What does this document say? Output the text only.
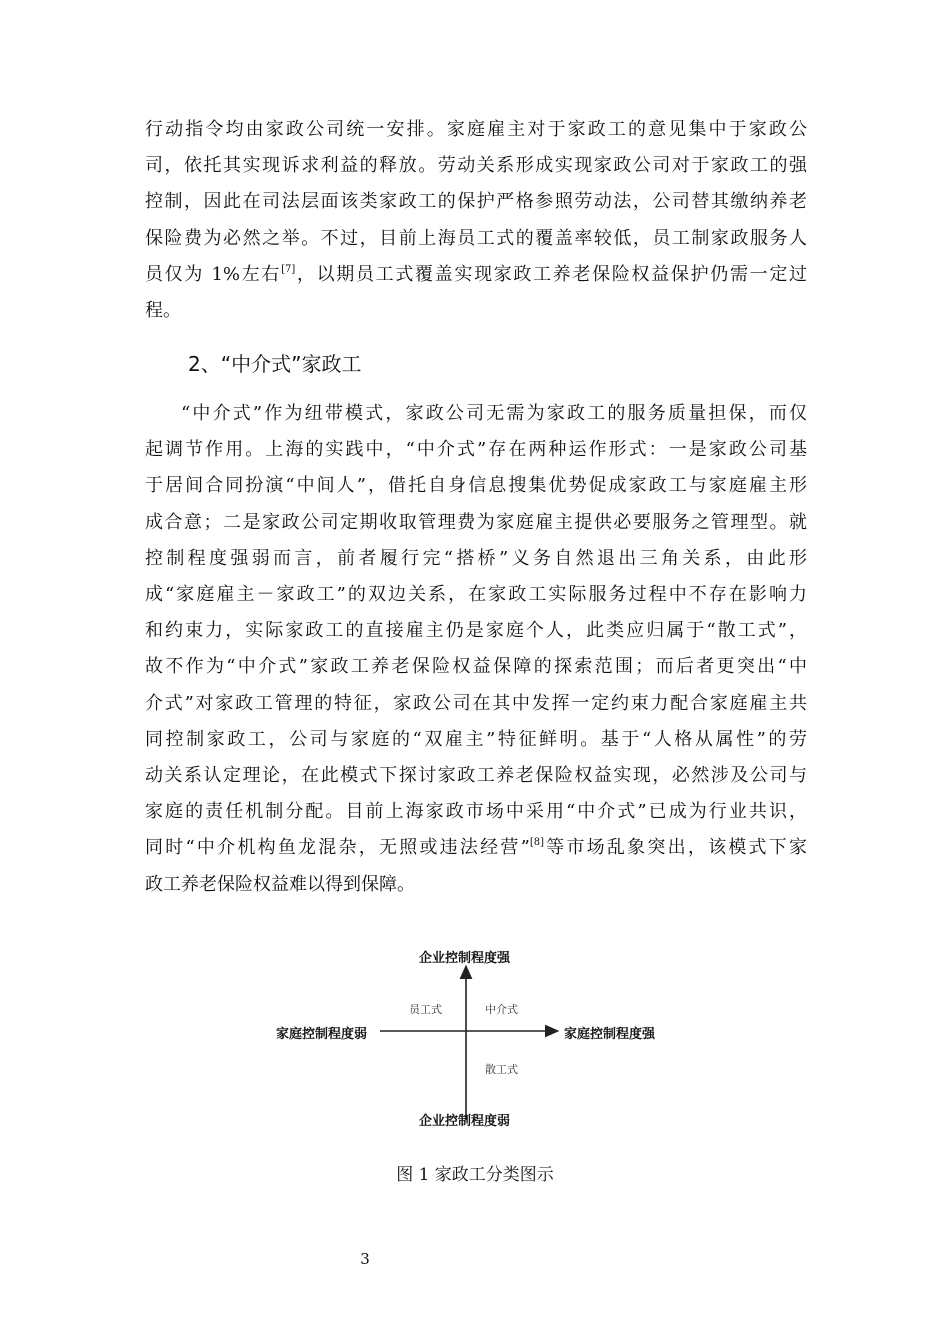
行动指令均由家政公司统一安排。家庭雇主对于家政工的意见集中于家政公
司，依托其实现诉求利益的释放。劳动关系形成实现家政公司对于家政工的强
控制，因此在司法层面该类家政工的保护严格参照劳动法，公司替其缴纳养老
保险费为必然之举。不过，目前上海员工式的覆盖率较低，员工制家政服务人
员仅为 1%左右[7]，以期员工式覆盖实现家政工养老保险权益保护仍需一定过
程。
2、“中介式”家政工
“中介式”作为纽带模式，家政公司无需为家政工的服务质量担保，而仅
起调节作用。上海的实践中，“中介式”存在两种运作形式：一是家政公司基
于居间合同扮演“中间人”，借托自身信息搜集优势促成家政工与家庭雇主形
成合意；二是家政公司定期收取管理费为家庭雇主提供必要服务之管理型。就
控制程度强弱而言，前者履行完“搭桥”义务自然退出三角关系，由此形
成“家庭雇主－家政工”的双边关系，在家政工实际服务过程中不存在影响力
和约束力，实际家政工的直接雇主仍是家庭个人，此类应归属于“散工式”，
故不作为“中介式”家政工养老保险权益保障的探索范围；而后者更突出“中
介式”对家政工管理的特征，家政公司在其中发挥一定约束力配合家庭雇主共
同控制家政工，公司与家庭的“双雇主”特征鲜明。基于“人格从属性”的劳
动关系认定理论，在此模式下探讨家政工养老保险权益实现，必然涉及公司与
家庭的责任机制分配。目前上海家政市场中采用“中介式”已成为行业共识，
同时“中介机构鱼龙混杂，无照或违法经营”[8]等市场乱象突出，该模式下家
政工养老保险权益难以得到保障。
企业控制程度强
企业控制程度弱
家庭控制程度弱	家庭控制程度强
员工式	中介式
散工式
图 1 家政工分类图示
3
